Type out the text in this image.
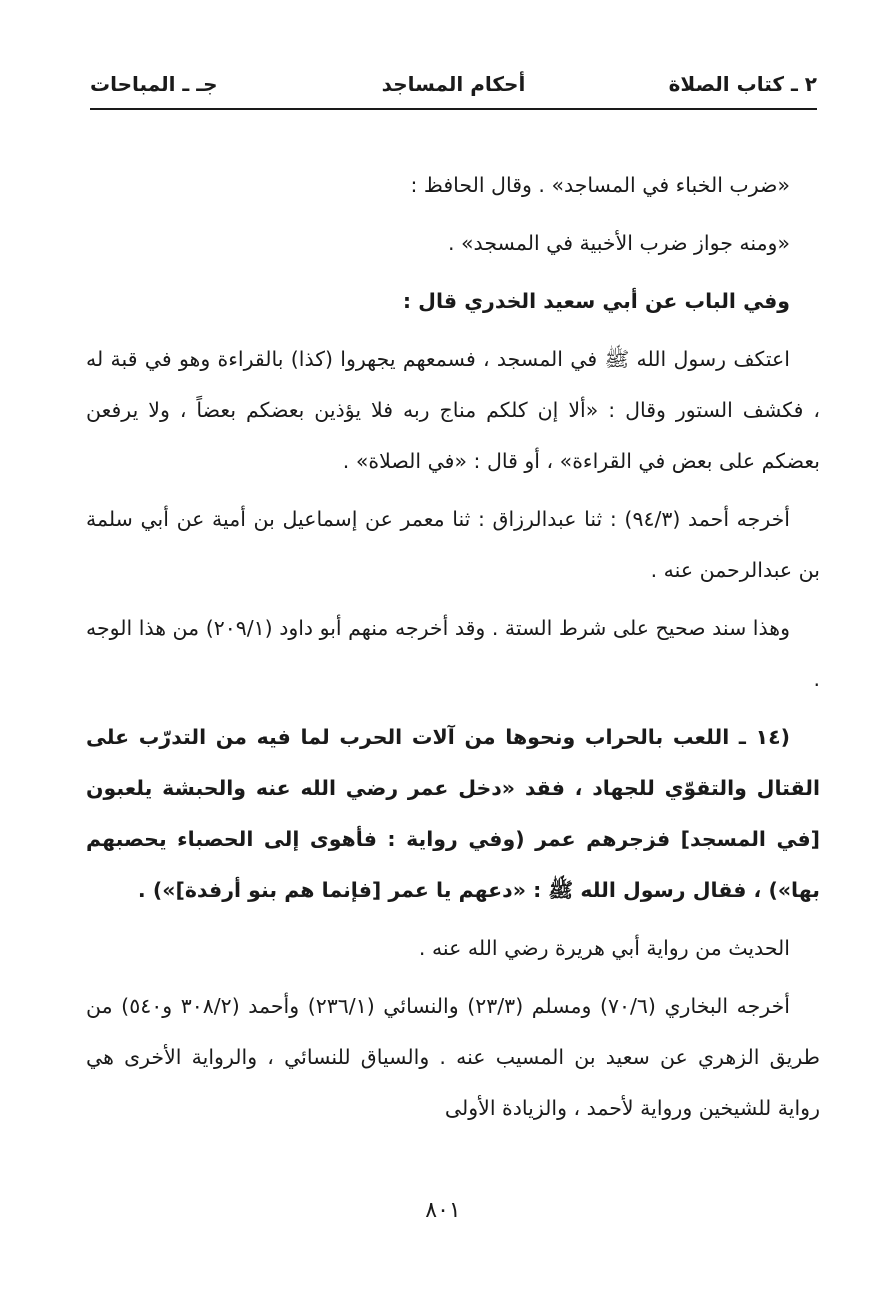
٢ ـ كتاب الصلاة
أحكام المساجد
جـ ـ المباحات

«ضرب الخباء في المساجد» . وقال الحافظ :

«ومنه جواز ضرب الأخبية في المسجد» .

وفي الباب عن أبي سعيد الخدري قال :

اعتكف رسول الله ﷺ في المسجد ، فسمعهم يجهروا (كذا) بالقراءة وهو في قبة له ، فكشف الستور وقال : «ألا إن كلكم مناج ربه فلا يؤذين بعضكم بعضاً ، ولا يرفعن بعضكم على بعض في القراءة» ، أو قال : «في الصلاة» .

أخرجه أحمد (٩٤/٣) : ثنا عبدالرزاق : ثنا معمر عن إسماعيل بن أمية عن أبي سلمة بن عبدالرحمن عنه .

وهذا سند صحيح على شرط الستة . وقد أخرجه منهم أبو داود (٢٠٩/١) من هذا الوجه .

(١٤ ـ اللعب بالحراب ونحوها من آلات الحرب لما فيه من التدرّب على القتال والتقوّي للجهاد ، فقد «دخل عمر رضي الله عنه والحبشة يلعبون [في المسجد] فزجرهم عمر (وفي رواية : فأهوى إلى الحصباء يحصبهم بها») ، فقال رسول الله ﷺ : «دعهم يا عمر [فإنما هم بنو أرفدة]») .

الحديث من رواية أبي هريرة رضي الله عنه .

أخرجه البخاري (٧٠/٦) ومسلم (٢٣/٣) والنسائي (٢٣٦/١) وأحمد (٣٠٨/٢ و٥٤٠) من طريق الزهري عن سعيد بن المسيب عنه . والسياق للنسائي ، والرواية الأخرى هي رواية للشيخين ورواية لأحمد ، والزيادة الأولى

٨٠١
